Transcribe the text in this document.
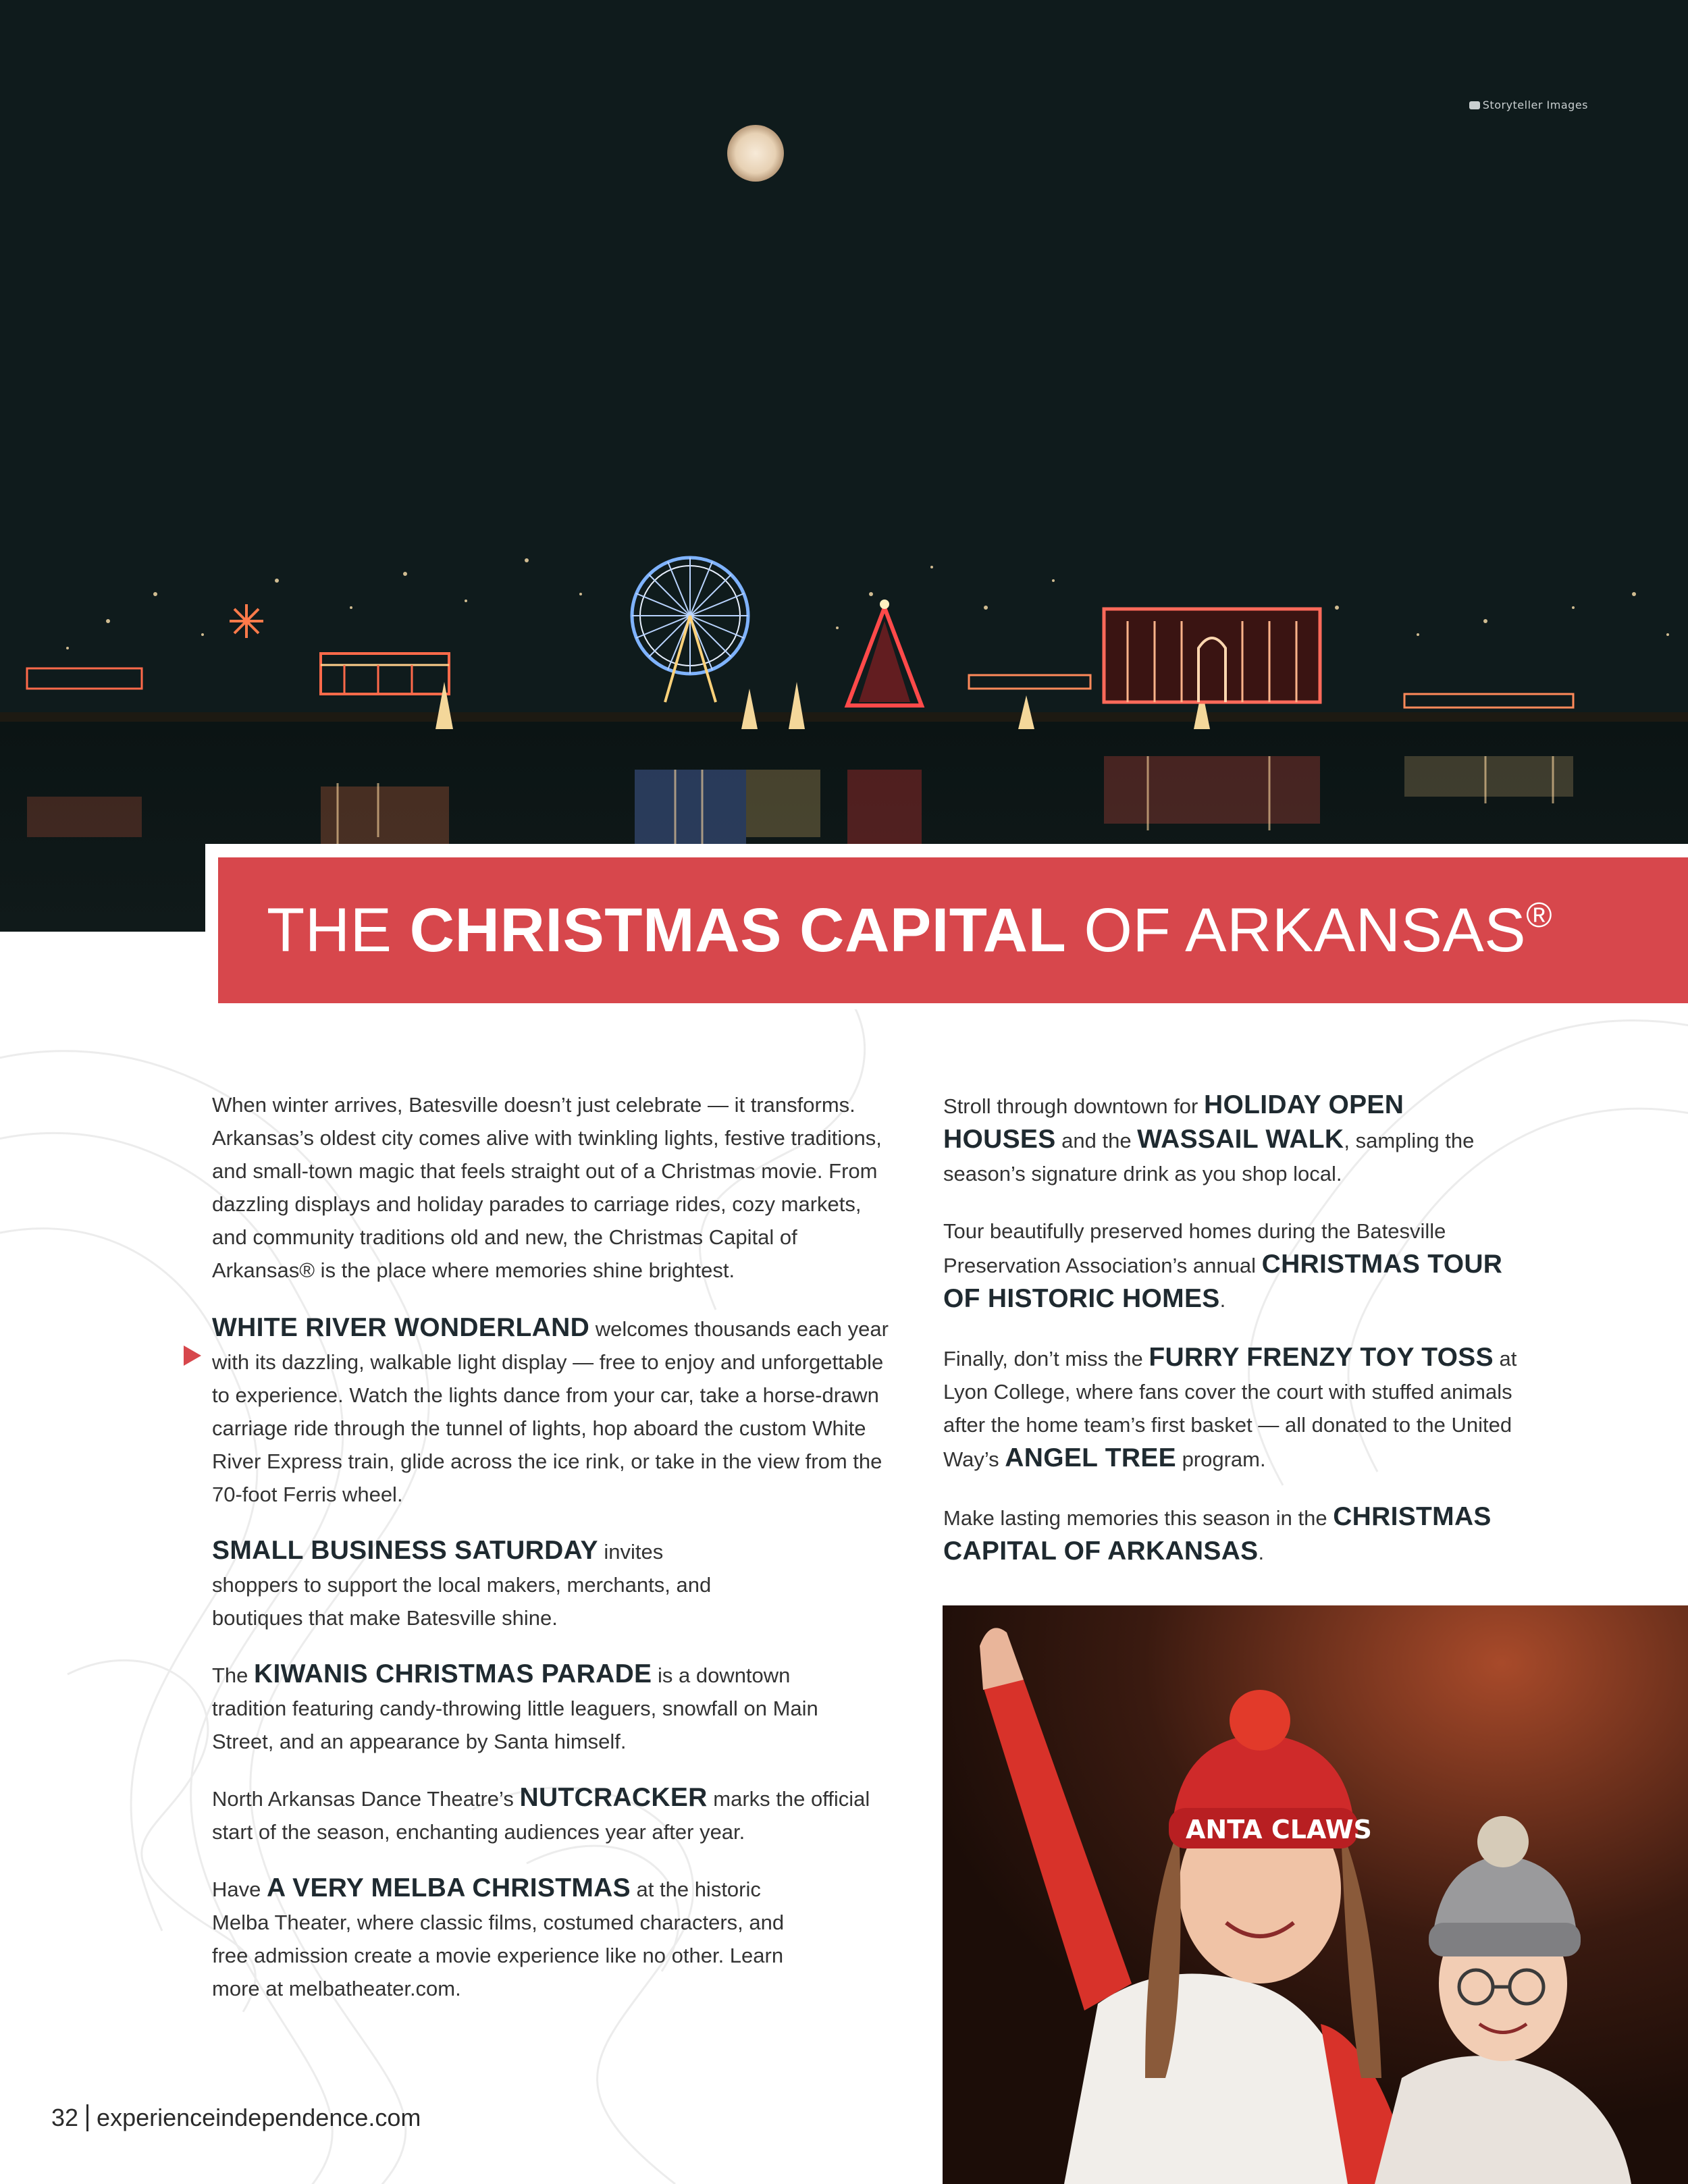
Storyteller Images
THE CHRISTMAS CAPITAL OF ARKANSAS®

When winter arrives, Batesville doesn’t just celebrate — it transforms. Arkansas’s oldest city comes alive with twinkling lights, festive traditions, and small-town magic that feels straight out of a Christmas movie. From dazzling displays and holiday parades to carriage rides, cozy markets, and community traditions old and new, the Christmas Capital of Arkansas® is the place where memories shine brightest.

WHITE RIVER WONDERLAND welcomes thousands each year with its dazzling, walkable light display — free to enjoy and unforgettable to experience. Watch the lights dance from your car, take a horse-drawn carriage ride through the tunnel of lights, hop aboard the custom White River Express train, glide across the ice rink, or take in the view from the 70-foot Ferris wheel.

SMALL BUSINESS SATURDAY invites shoppers to support the local makers, merchants, and boutiques that make Batesville shine.

The KIWANIS CHRISTMAS PARADE is a downtown tradition featuring candy-throwing little leaguers, snowfall on Main Street, and an appearance by Santa himself.

North Arkansas Dance Theatre’s NUTCRACKER marks the official start of the season, enchanting audiences year after year.

Have A VERY MELBA CHRISTMAS at the historic Melba Theater, where classic films, costumed characters, and free admission create a movie experience like no other. Learn more at melbatheater.com.

Stroll through downtown for HOLIDAY OPEN HOUSES and the WASSAIL WALK, sampling the season’s signature drink as you shop local.

Tour beautifully preserved homes during the Batesville Preservation Association’s annual CHRISTMAS TOUR OF HISTORIC HOMES.

Finally, don’t miss the FURRY FRENZY TOY TOSS at Lyon College, where fans cover the court with stuffed animals after the home team’s first basket — all donated to the United Way’s ANGEL TREE program.

Make lasting memories this season in the CHRISTMAS CAPITAL OF ARKANSAS.

ANTA CLAWS
32 experienceindependence.com
